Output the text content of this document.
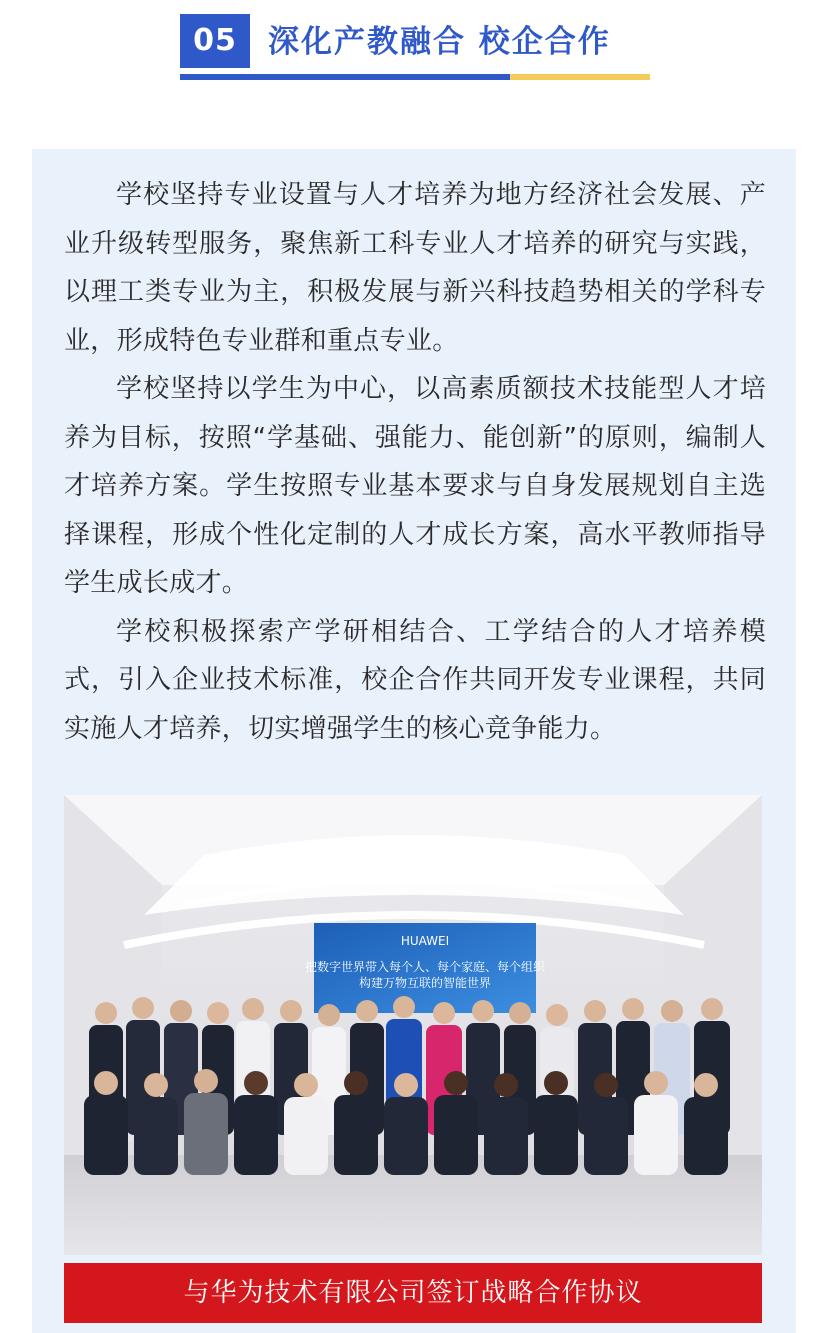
05	深化产教融合 校企合作

学校坚持专业设置与人才培养为地方经济社会发展、产业升级转型服务，聚焦新工科专业人才培养的研究与实践，以理工类专业为主，积极发展与新兴科技趋势相关的学科专业，形成特色专业群和重点专业。

学校坚持以学生为中心，以高素质额技术技能型人才培养为目标，按照“学基础、强能力、能创新”的原则，编制人才培养方案。学生按照专业基本要求与自身发展规划自主选择课程，形成个性化定制的人才成长方案，高水平教师指导学生成长成才。

学校积极探索产学研相结合、工学结合的人才培养模式，引入企业技术标准，校企合作共同开发专业课程，共同实施人才培养，切实增强学生的核心竞争能力。

HUAWEI
把数字世界带入每个人、每个家庭、每个组织
构建万物互联的智能世界
与华为技术有限公司签订战略合作协议
